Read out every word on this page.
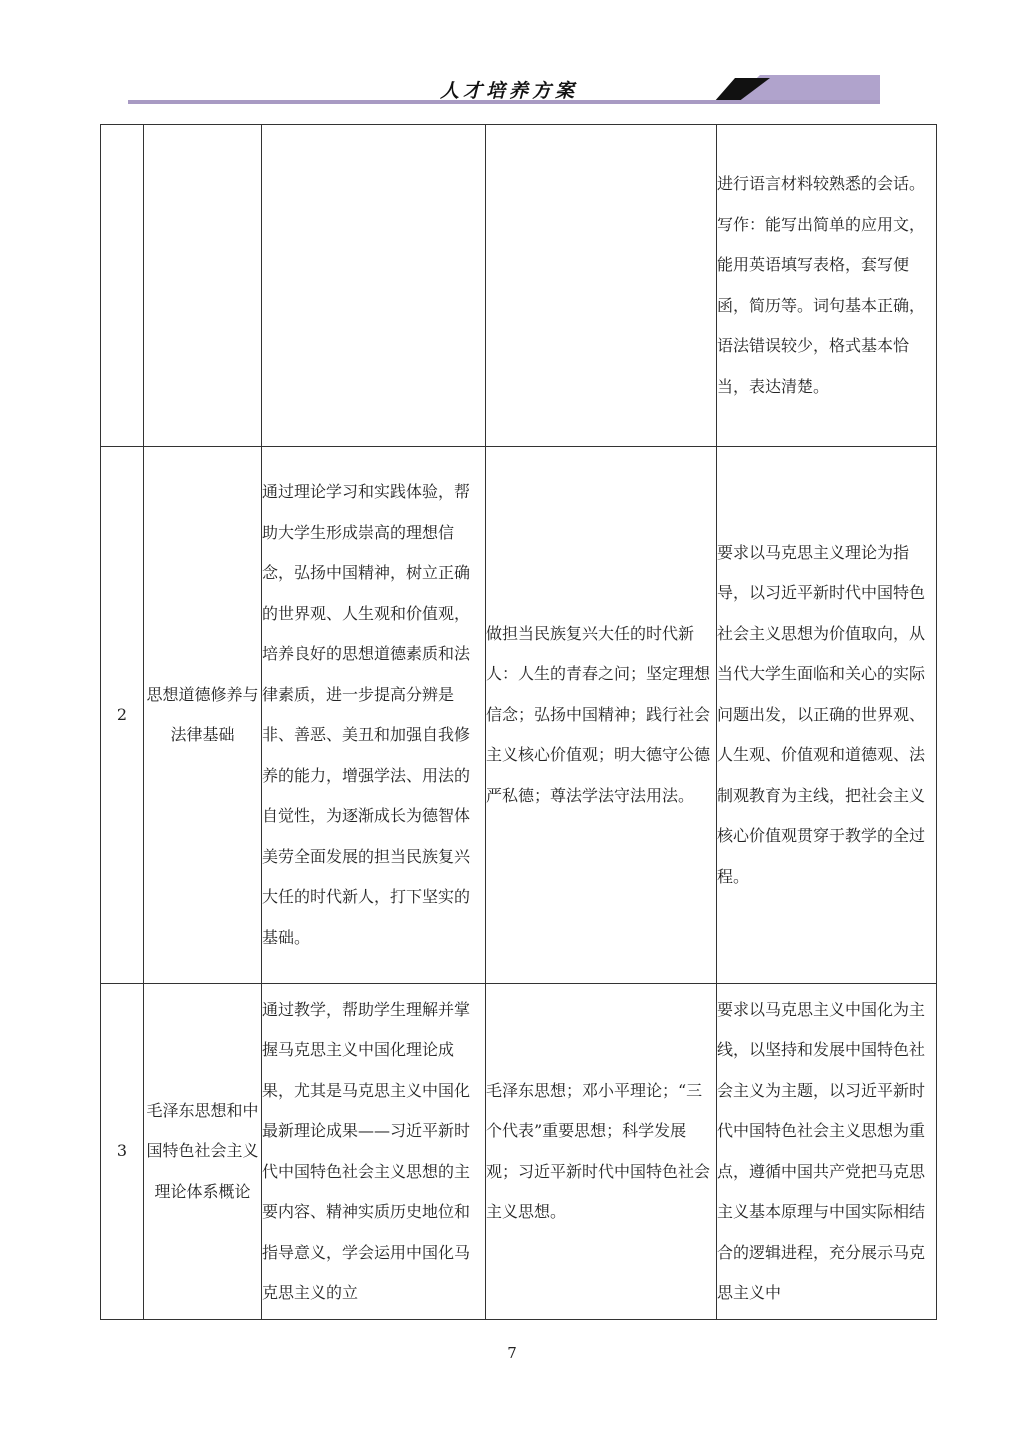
人才培养方案

				进行语言材料较熟悉的会话。
写作：能写出简单的应用文，能用英语填写表格，套写便函，简历等。词句基本正确，语法错误较少，格式基本恰当，表达清楚。

2	思想道德修养与法律基础	通过理论学习和实践体验，帮助大学生形成崇高的理想信念，弘扬中国精神，树立正确的世界观、人生观和价值观，培养良好的思想道德素质和法律素质，进一步提高分辨是非、善恶、美丑和加强自我修养的能力，增强学法、用法的自觉性，为逐渐成长为德智体美劳全面发展的担当民族复兴大任的时代新人，打下坚实的基础。	做担当民族复兴大任的时代新人：人生的青春之问；坚定理想信念；弘扬中国精神；践行社会主义核心价值观；明大德守公德严私德；尊法学法守法用法。	要求以马克思主义理论为指导，以习近平新时代中国特色社会主义思想为价值取向，从当代大学生面临和关心的实际问题出发，以正确的世界观、人生观、价值观和道德观、法制观教育为主线，把社会主义核心价值观贯穿于教学的全过程。
3	毛泽东思想和中国特色社会主义理论体系概论	通过教学，帮助学生理解并掌握马克思主义中国化理论成果，尤其是马克思主义中国化最新理论成果——习近平新时代中国特色社会主义思想的主要内容、精神实质历史地位和指导意义，学会运用中国化马克思主义的立	毛泽东思想；邓小平理论；“三个代表”重要思想；科学发展观；习近平新时代中国特色社会主义思想。	要求以马克思主义中国化为主线，以坚持和发展中国特色社会主义为主题，以习近平新时代中国特色社会主义思想为重点，遵循中国共产党把马克思主义基本原理与中国实际相结合的逻辑进程，充分展示马克思主义中
7
